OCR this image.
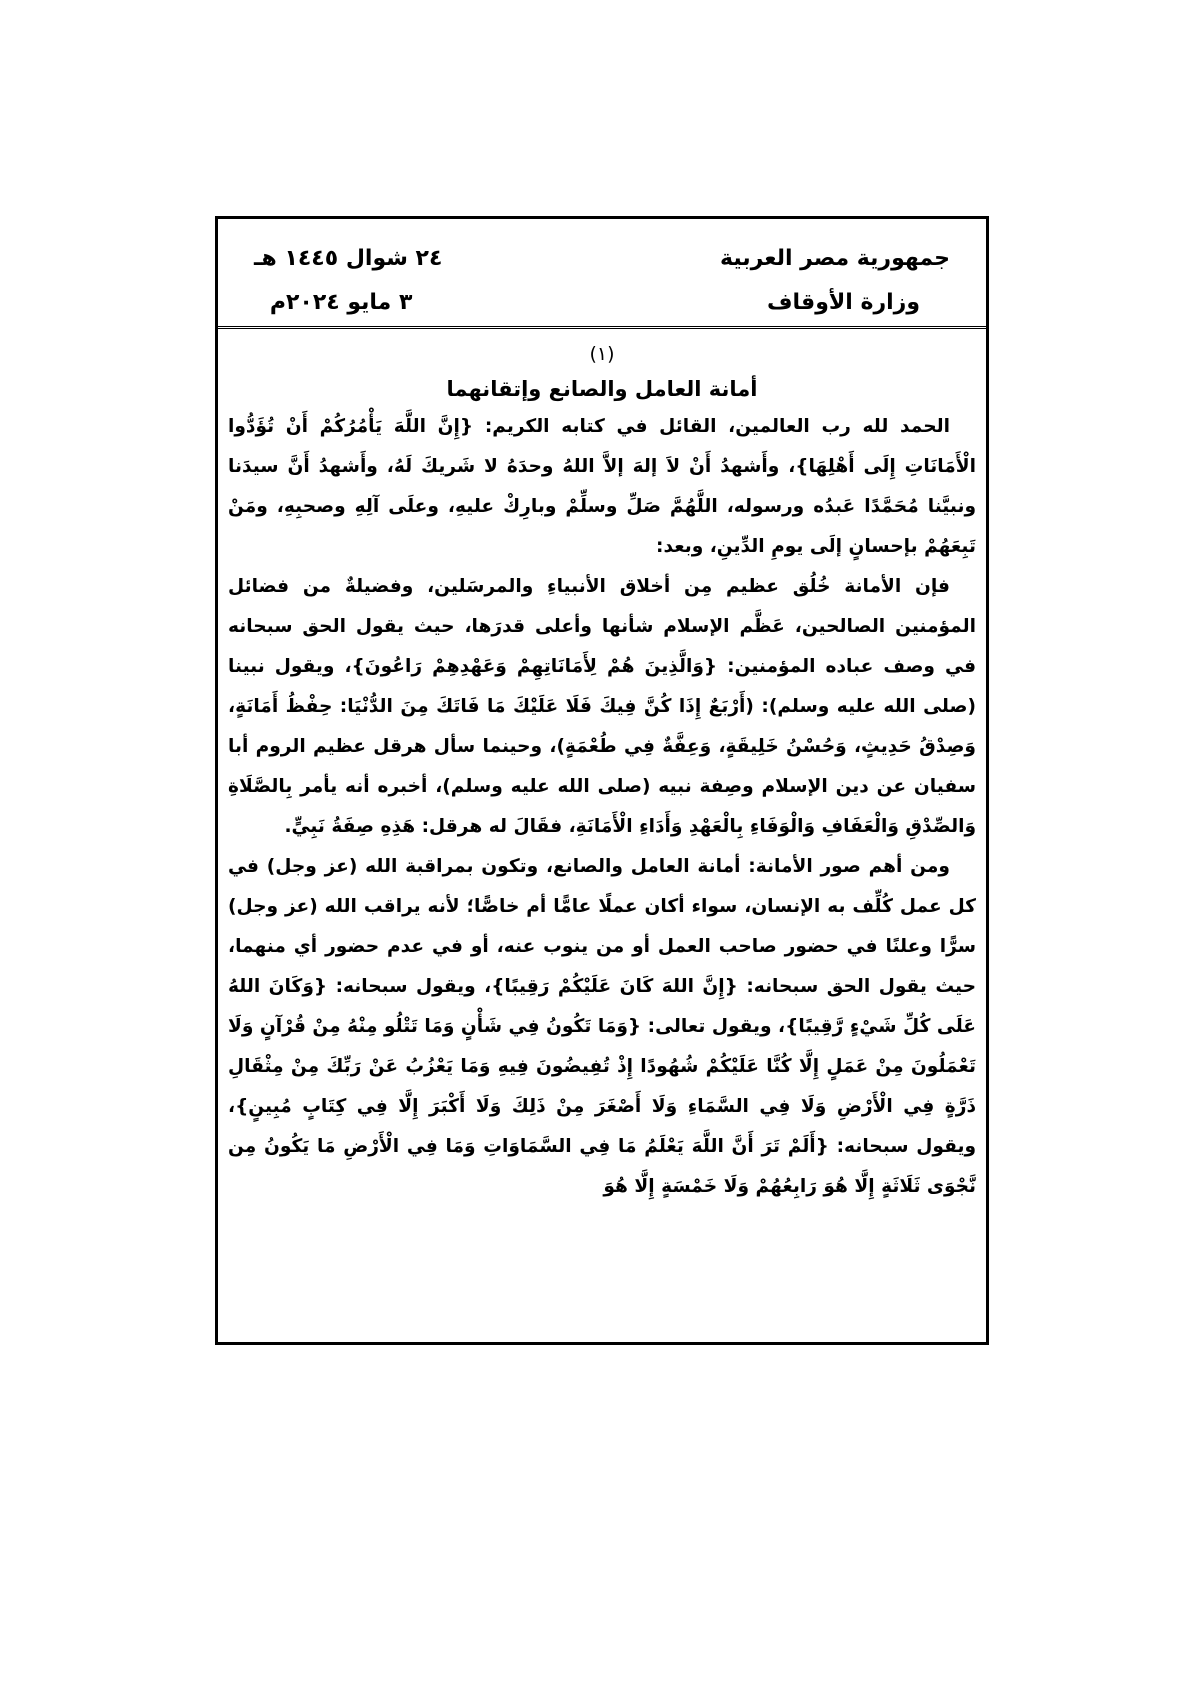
جمهورية مصر العربية
وزارة الأوقاف
٢٤ شوال ١٤٤٥ هـ
٣ مايو ٢٠٢٤م
(١)
أمانة العامل والصانع وإتقانهما

الحمد لله رب العالمين، القائل في كتابه الكريم: {إِنَّ اللَّهَ يَأْمُرُكُمْ أَنْ تُؤَدُّوا الْأَمَانَاتِ إِلَى أَهْلِهَا}، وأَشهدُ أَنْ لاَ إلهَ إلاَّ اللهُ وحدَهُ لا شَريكَ لَهُ، وأَشهدُ أَنَّ سيدَنا ونبيَّنا مُحَمَّدًا عَبدُه ورسوله، اللَّهُمَّ صَلِّ وسلِّمْ وبارِكْ عليهِ، وعلَى آلِهِ وصحبِهِ، ومَنْ تَبِعَهُمْ بإحسانٍ إلَى يومِ الدِّينِ، وبعد:

فإن الأمانة خُلُق عظيم مِن أخلاق الأنبياءِ والمرسَلين، وفضيلةٌ من فضائل المؤمنين الصالحين، عَظَّم الإسلام شأنها وأعلى قدرَها، حيث يقول الحق سبحانه في وصف عباده المؤمنين: {وَالَّذِينَ هُمْ لِأَمَانَاتِهِمْ وَعَهْدِهِمْ رَاعُونَ}، ويقول نبينا (صلى الله عليه وسلم): (أَرْبَعٌ إِذَا كُنَّ فِيكَ فَلَا عَلَيْكَ مَا فَاتَكَ مِنَ الدُّنْيَا: حِفْظُ أَمَانَةٍ، وَصِدْقُ حَدِيثٍ، وَحُسْنُ خَلِيقَةٍ، وَعِفَّةٌ فِي طُعْمَةٍ)، وحينما سأل هرقل عظيم الروم أبا سفيان عن دين الإسلام وصِفة نبيه (صلى الله عليه وسلم)، أخبره أنه يأمر بِالصَّلَاةِ وَالصِّدْقِ وَالْعَفَافِ وَالْوَفَاءِ بِالْعَهْدِ وَأَدَاءِ الْأَمَانَةِ، فقَالَ له هرقل: هَذِهِ صِفَةُ نَبِيٍّ.

ومن أهم صور الأمانة: أمانة العامل والصانع، وتكون بمراقبة الله (عز وجل) في كل عمل كُلِّف به الإنسان، سواء أكان عملًا عامًّا أم خاصًّا؛ لأنه يراقب الله (عز وجل) سرًّا وعلنًا في حضور صاحب العمل أو من ينوب عنه، أو في عدم حضور أي منهما، حيث يقول الحق سبحانه: {إِنَّ اللهَ كَانَ عَلَيْكُمْ رَقِيبًا}، ويقول سبحانه: {وَكَانَ اللهُ عَلَى كُلِّ شَيْءٍ رَّقِيبًا}، ويقول تعالى: {وَمَا تَكُونُ فِي شَأْنٍ وَمَا تَتْلُو مِنْهُ مِنْ قُرْآنٍ وَلَا تَعْمَلُونَ مِنْ عَمَلٍ إِلَّا كُنَّا عَلَيْكُمْ شُهُودًا إِذْ تُفِيضُونَ فِيهِ وَمَا يَعْزُبُ عَنْ رَبِّكَ مِنْ مِثْقَالِ ذَرَّةٍ فِي الْأَرْضِ وَلَا فِي السَّمَاءِ وَلَا أَصْغَرَ مِنْ ذَلِكَ وَلَا أَكْبَرَ إِلَّا فِي كِتَابٍ مُبِينٍ}، ويقول سبحانه: {أَلَمْ تَرَ أَنَّ اللَّهَ يَعْلَمُ مَا فِي السَّمَاوَاتِ وَمَا فِي الْأَرْضِ مَا يَكُونُ مِن نَّجْوَى ثَلَاثَةٍ إِلَّا هُوَ رَابِعُهُمْ وَلَا خَمْسَةٍ إِلَّا هُوَ
